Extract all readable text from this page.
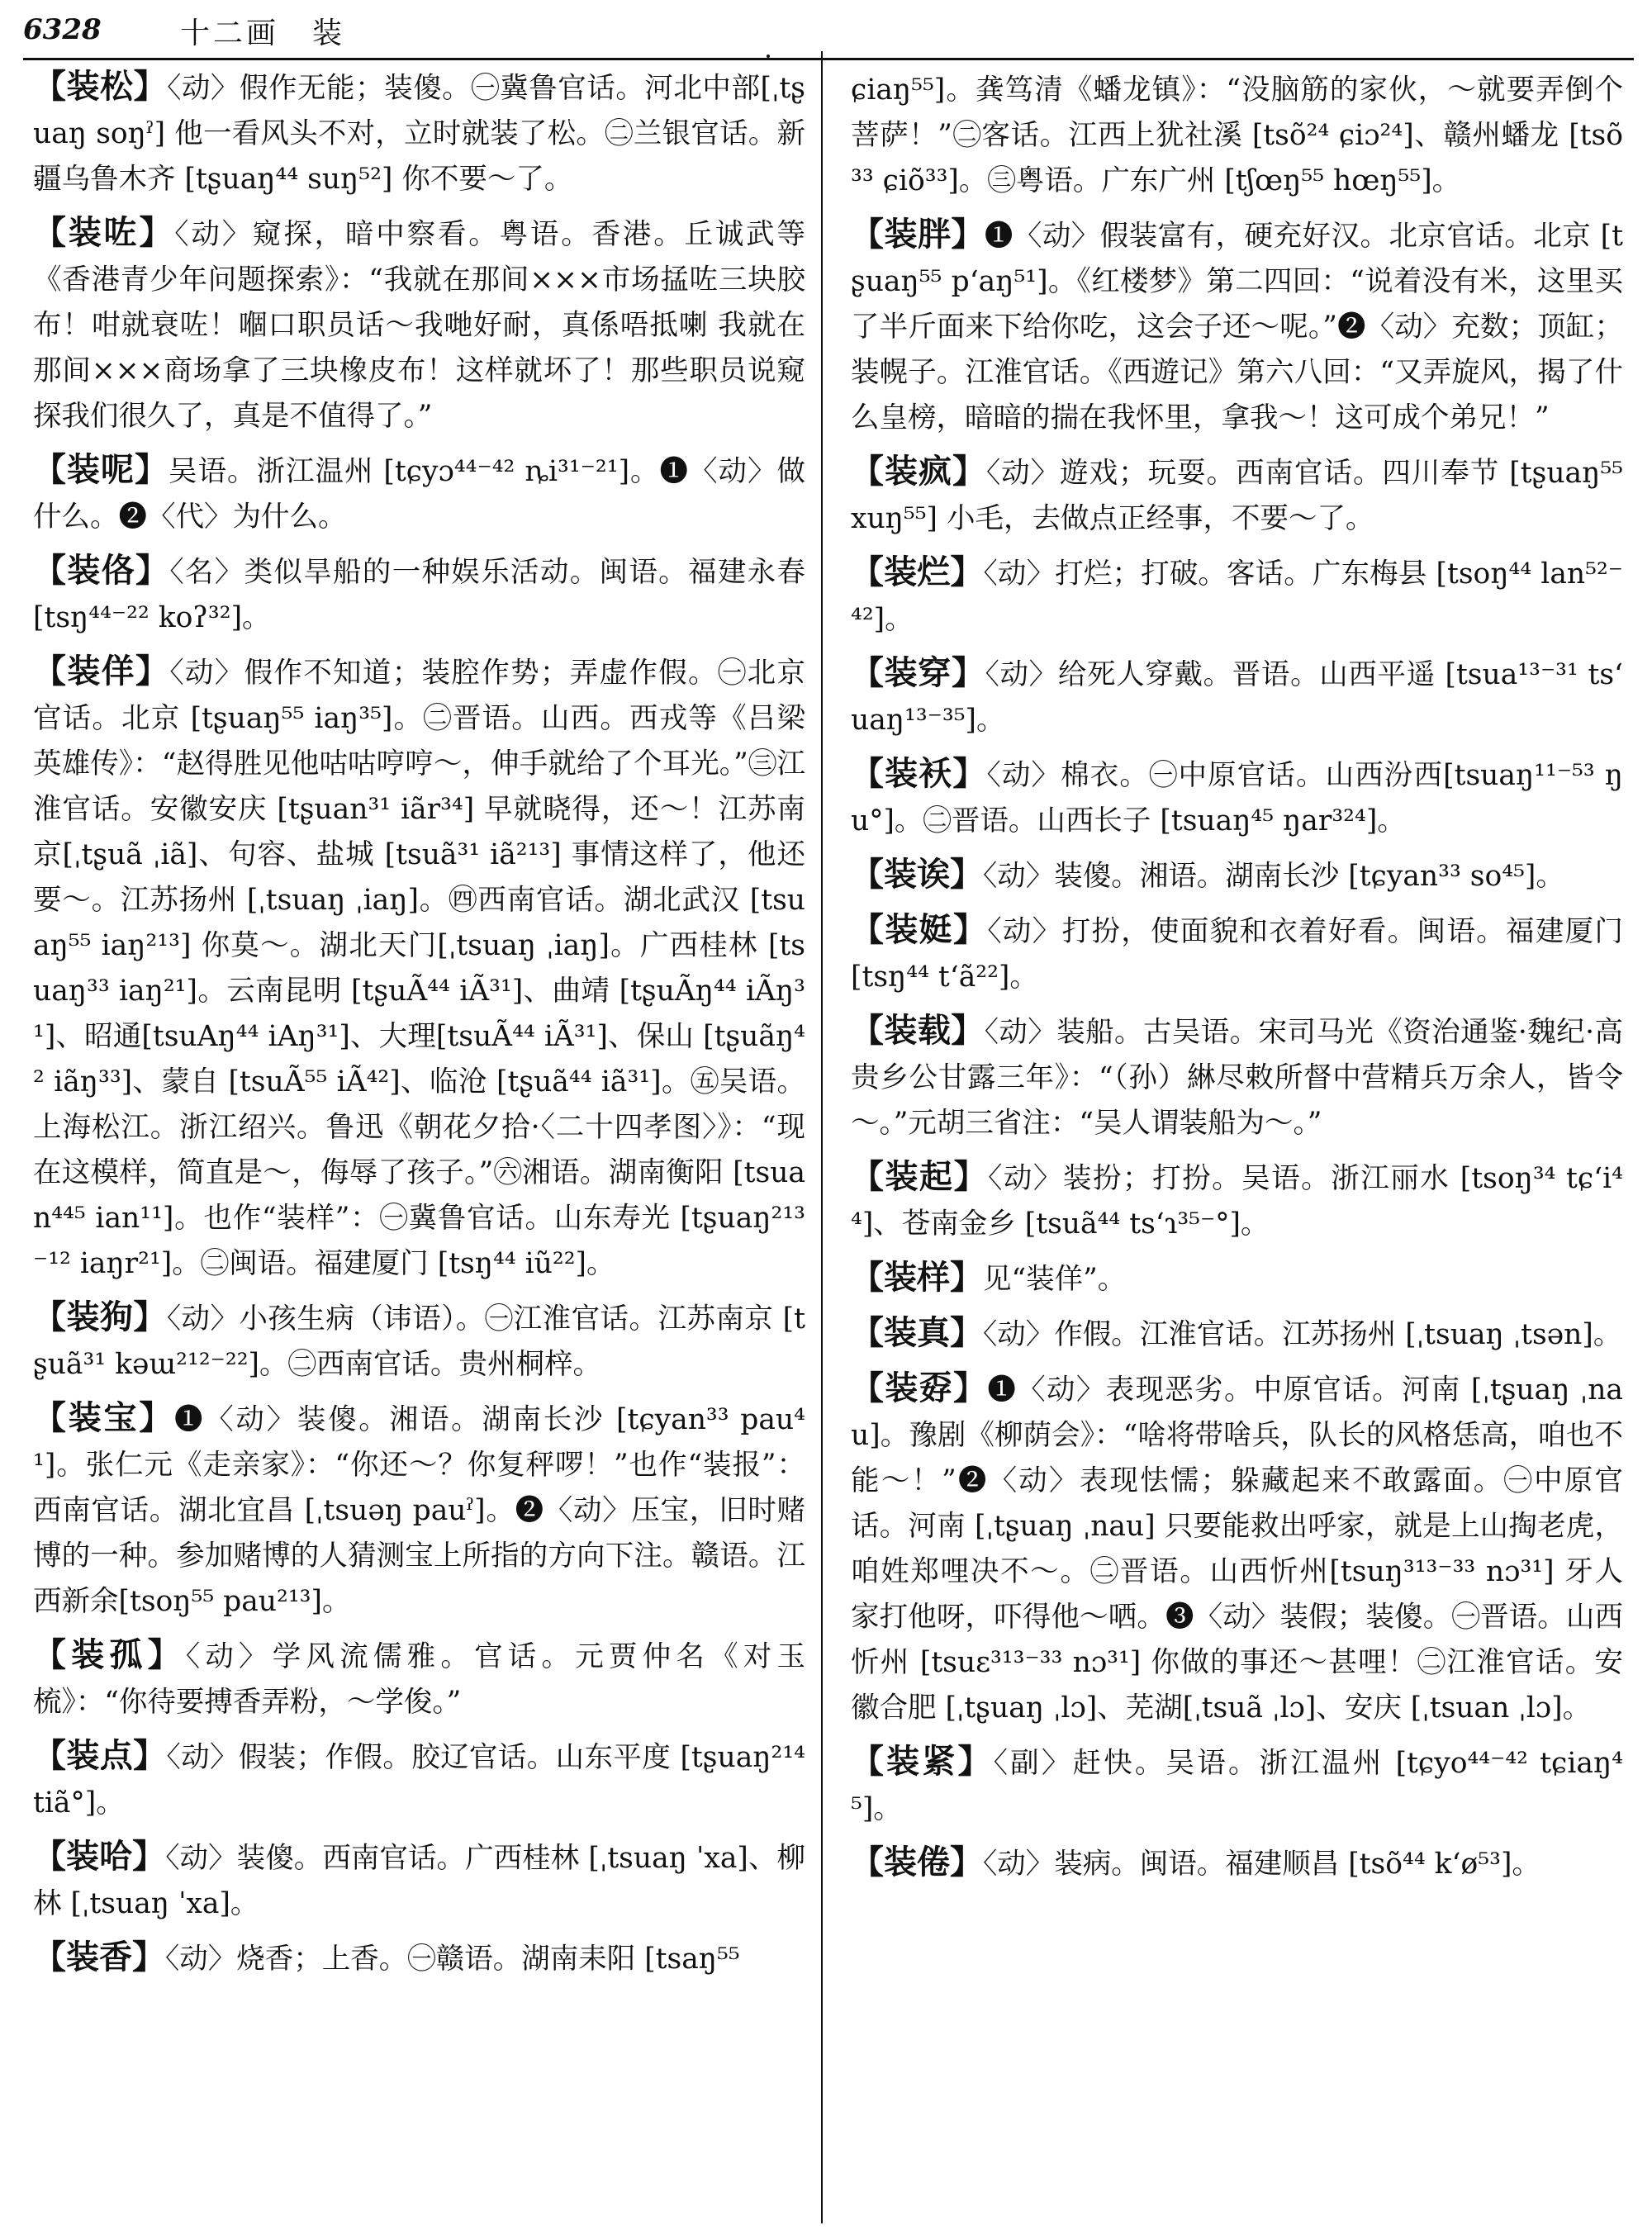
6328	十二画　装

【装松】〈动〉假作无能；装傻。㊀冀鲁官话。河北中部[ˌtʂuaŋ soŋˀ] 他一看风头不对，立时就装了松。㊁兰银官话。新疆乌鲁木齐 [tʂuaŋ⁴⁴ suŋ⁵²] 你不要～了。

【装咗】〈动〉窥探，暗中察看。粤语。香港。丘诚武等《香港青少年问题探索》：“我就在那间×××市场掹咗三块胶布！咁就衰咗！嗰口职员话～我哋好耐，真係唔抵喇 我就在那间×××商场拿了三块橡皮布！这样就坏了！那些职员说窥探我们很久了，真是不值得了。”

【装呢】吴语。浙江温州 [tɕyɔ⁴⁴⁻⁴² ȵi³¹⁻²¹]。❶〈动〉做什么。❷〈代〉为什么。

【装佫】〈名〉类似旱船的一种娱乐活动。闽语。福建永春 [tsŋ⁴⁴⁻²² koʔ³²]。

【装佯】〈动〉假作不知道；装腔作势；弄虚作假。㊀北京官话。北京 [tʂuaŋ⁵⁵ iaŋ³⁵]。㊁晋语。山西。西戎等《吕梁英雄传》：“赵得胜见他咕咕哼哼～，伸手就给了个耳光。”㊂江淮官话。安徽安庆 [tʂuan³¹ iãr³⁴] 早就晓得，还～！江苏南京[ˌtʂuã ˌiã]、句容、盐城 [tsuã³¹ iã²¹³] 事情这样了，他还要～。江苏扬州 [ˌtsuaŋ ˌiaŋ]。㊃西南官话。湖北武汉 [tsuaŋ⁵⁵ iaŋ²¹³] 你莫～。湖北天门[ˌtsuaŋ ˌiaŋ]。广西桂林 [tsuaŋ³³ iaŋ²¹]。云南昆明 [tʂuÃ⁴⁴ iÃ³¹]、曲靖 [tʂuÃŋ⁴⁴ iÃŋ³¹]、昭通[tsuAŋ⁴⁴ iAŋ³¹]、大理[tsuÃ⁴⁴ iÃ³¹]、保山 [tʂuãŋ⁴² iãŋ³³]、蒙自 [tsuÃ⁵⁵ iÃ⁴²]、临沧 [tʂuã⁴⁴ iã³¹]。㊄吴语。上海松江。浙江绍兴。鲁迅《朝花夕拾·〈二十四孝图〉》：“现在这模样，简直是～，侮辱了孩子。”㊅湘语。湖南衡阳 [tsuan⁴⁴⁵ ian¹¹]。也作“装样”：㊀冀鲁官话。山东寿光 [tʂuaŋ²¹³⁻¹² iaŋr²¹]。㊁闽语。福建厦门 [tsŋ⁴⁴ iũ²²]。

【装狗】〈动〉小孩生病（讳语）。㊀江淮官话。江苏南京 [tʂuã³¹ kəɯ²¹²⁻²²]。㊁西南官话。贵州桐梓。

【装宝】❶〈动〉装傻。湘语。湖南长沙 [tɕyan³³ pau⁴¹]。张仁元《走亲家》：“你还～？你复秤啰！”也作“装报”：西南官话。湖北宜昌 [ˌtsuəŋ pauˀ]。❷〈动〉压宝，旧时赌博的一种。参加赌博的人猜测宝上所指的方向下注。赣语。江西新余[tsoŋ⁵⁵ pau²¹³]。

【装孤】〈动〉学风流儒雅。官话。元贾仲名《对玉梳》：“你待要搏香弄粉，～学俊。”

【装点】〈动〉假装；作假。胶辽官话。山东平度 [tʂuaŋ²¹⁴ tiã°]。

【装哈】〈动〉装傻。西南官话。广西桂林 [ˌtsuaŋ ˈxa]、柳林 [ˌtsuaŋ ˈxa]。

【装香】〈动〉烧香；上香。㊀赣语。湖南耒阳 [tsaŋ⁵⁵

ɕiaŋ⁵⁵]。龚笃清《蟠龙镇》：“没脑筋的家伙，～就要弄倒个菩萨！”㊁客话。江西上犹社溪 [tsõ²⁴ ɕiɔ²⁴]、赣州蟠龙 [tsõ³³ ɕiõ³³]。㊂粤语。广东广州 [tʃœŋ⁵⁵ hœŋ⁵⁵]。

【装胖】❶〈动〉假装富有，硬充好汉。北京官话。北京 [tʂuaŋ⁵⁵ pʻaŋ⁵¹]。《红楼梦》第二四回：“说着没有米，这里买了半斤面来下给你吃，这会子还～呢。”❷〈动〉充数；顶缸；装幌子。江淮官话。《西遊记》第六八回：“又弄旋风，揭了什么皇榜，暗暗的揣在我怀里，拿我～！这可成个弟兄！”

【装疯】〈动〉遊戏；玩耍。西南官话。四川奉节 [tʂuaŋ⁵⁵ xuŋ⁵⁵] 小毛，去做点正经事，不要～了。

【装烂】〈动〉打烂；打破。客话。广东梅县 [tsoŋ⁴⁴ lan⁵²⁻⁴²]。

【装穿】〈动〉给死人穿戴。晋语。山西平遥 [tsua¹³⁻³¹ tsʻuaŋ¹³⁻³⁵]。

【装袄】〈动〉棉衣。㊀中原官话。山西汾西[tsuaŋ¹¹⁻⁵³ ŋu°]。㊁晋语。山西长子 [tsuaŋ⁴⁵ ŋar³²⁴]。

【装诶】〈动〉装傻。湘语。湖南长沙 [tɕyan³³ so⁴⁵]。

【装娗】〈动〉打扮，使面貌和衣着好看。闽语。福建厦门 [tsŋ⁴⁴ tʻã²²]。

【装载】〈动〉装船。古吴语。宋司马光《资治通鉴·魏纪·高贵乡公甘露三年》：“（孙）綝尽敕所督中营精兵万余人，皆令～。”元胡三省注：“吴人谓装船为～。”

【装起】〈动〉装扮；打扮。吴语。浙江丽水 [tsoŋ³⁴ tɕʻi⁴⁴]、苍南金乡 [tsuã⁴⁴ tsʻɿ³⁵⁻°]。

【装样】见“装佯”。

【装真】〈动〉作假。江淮官话。江苏扬州 [ˌtsuaŋ ˌtsən]。

【装孬】❶〈动〉表现恶劣。中原官话。河南 [ˌtʂuaŋ ˌnau]。豫剧《柳荫会》：“啥将带啥兵，队长的风格恁高，咱也不能～！”❷〈动〉表现怯懦；躲藏起来不敢露面。㊀中原官话。河南 [ˌtʂuaŋ ˌnau] 只要能救出呼家，就是上山掏老虎，咱姓郑哩决不～。㊁晋语。山西忻州[tsuŋ³¹³⁻³³ nɔ³¹] 牙人家打他呀，吓得他～哂。❸〈动〉装假；装傻。㊀晋语。山西忻州 [tsuɛ³¹³⁻³³ nɔ³¹] 你做的事还～甚哩！㊁江淮官话。安徽合肥 [ˌtʂuaŋ ˌlɔ]、芜湖[ˌtsuã ˌlɔ]、安庆 [ˌtsuan ˌlɔ]。

【装紧】〈副〉赶快。吴语。浙江温州 [tɕyo⁴⁴⁻⁴² tɕiaŋ⁴⁵]。

【装倦】〈动〉装病。闽语。福建顺昌 [tsõ⁴⁴ kʻø⁵³]。
